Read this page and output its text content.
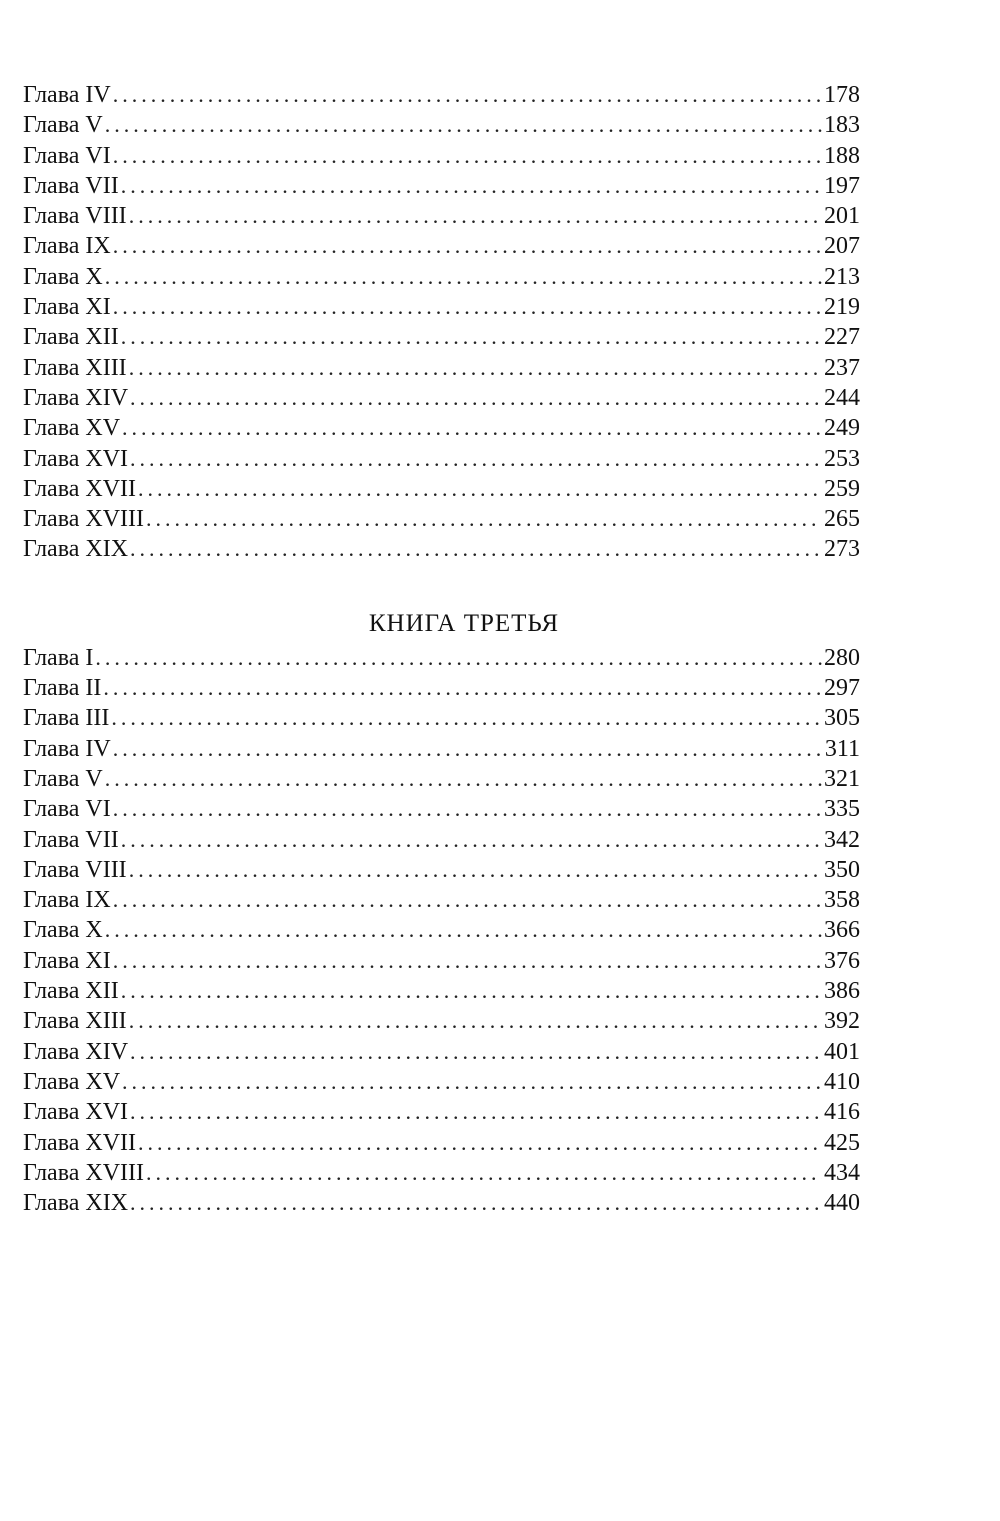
Глава IV . . .	178
Глава V . . .	183
Глава VI . . .	188
Глава VII . . .	197
Глава VIII . . .	201
Глава IX . . .	207
Глава X . . .	213
Глава XI . . .	219
Глава XII . . .	227
Глава XIII . . .	237
Глава XIV . . .	244
Глава XV . . .	249
Глава XVI . . .	253
Глава XVII . . .	259
Глава XVIII . . .	265
Глава XIX . . .	273
КНИГА ТРЕТЬЯ
Глава I . . .	280
Глава II . . .	297
Глава III . . .	305
Глава IV . . .	311
Глава V . . .	321
Глава VI . . .	335
Глава VII . . .	342
Глава VIII . . .	350
Глава IX . . .	358
Глава X . . .	366
Глава XI . . .	376
Глава XII . . .	386
Глава XIII . . .	392
Глава XIV . . .	401
Глава XV . . .	410
Глава XVI . . .	416
Глава XVII . . .	425
Глава XVIII . . .	434
Глава XIX . . .	440
